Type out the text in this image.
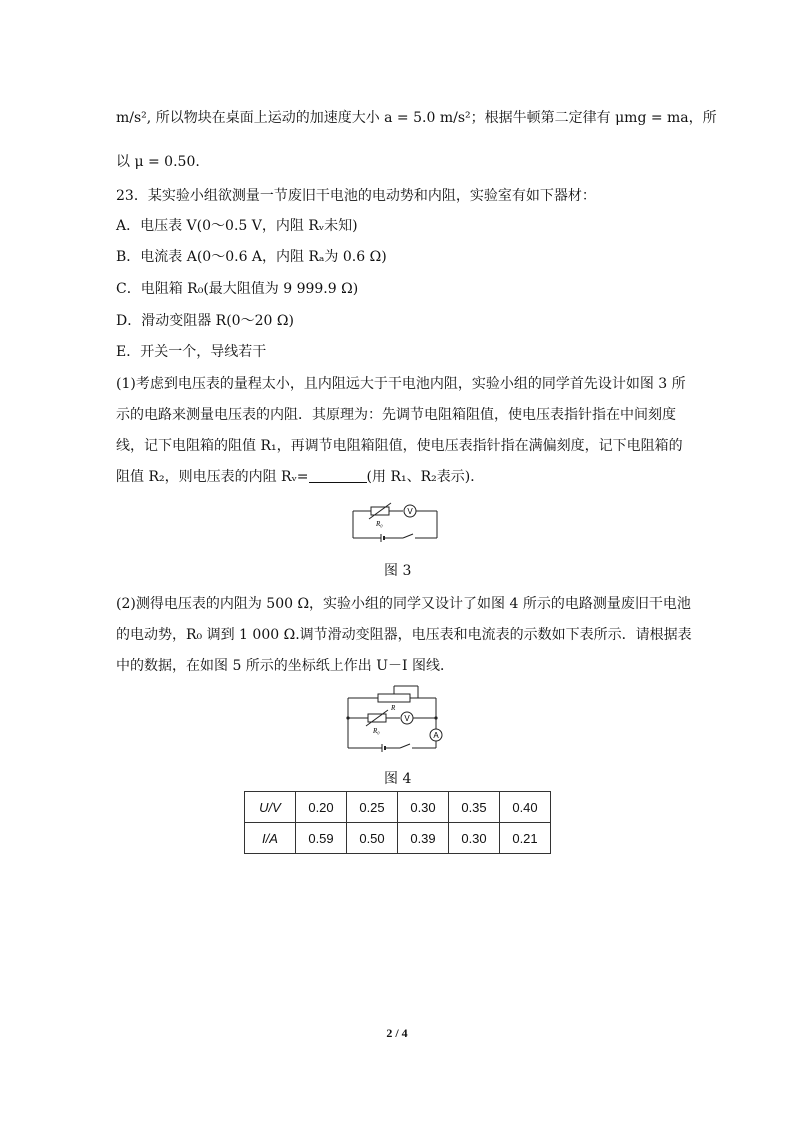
m/s², 所以物块在桌面上运动的加速度大小 a = 5.0 m/s²；根据牛顿第二定律有 μmg = ma，所
以 μ = 0.50.
23．某实验小组欲测量一节废旧干电池的电动势和内阻，实验室有如下器材：
A．电压表 V(0～0.5 V，内阻 Rᵥ未知)
B．电流表 A(0～0.6 A，内阻 Rₐ为 0.6 Ω)
C．电阻箱 R₀(最大阻值为 9 999.9 Ω)
D．滑动变阻器 R(0～20 Ω)
E．开关一个，导线若干
(1)考虑到电压表的量程太小，且内阻远大于干电池内阻，实验小组的同学首先设计如图 3 所
示的电路来测量电压表的内阻．其原理为：先调节电阻箱阻值，使电压表指针指在中间刻度
线，记下电阻箱的阻值 R₁，再调节电阻箱阻值，使电压表指针指在满偏刻度，记下电阻箱的
阻值 R₂，则电压表的内阻 Rᵥ=	(用 R₁、R₂表示)．
V
R₀
图 3
(2)测得电压表的内阻为 500 Ω，实验小组的同学又设计了如图 4 所示的电路测量废旧干电池
的电动势，R₀ 调到 1 000 Ω.调节滑动变阻器，电压表和电流表的示数如下表所示．请根据表
中的数据，在如图 5 所示的坐标纸上作出 U－I 图线．
R
V
A
R₀
图 4
U/V	0.20	0.25	0.30	0.35	0.40
I/A	0.59	0.50	0.39	0.30	0.21
2 / 4
